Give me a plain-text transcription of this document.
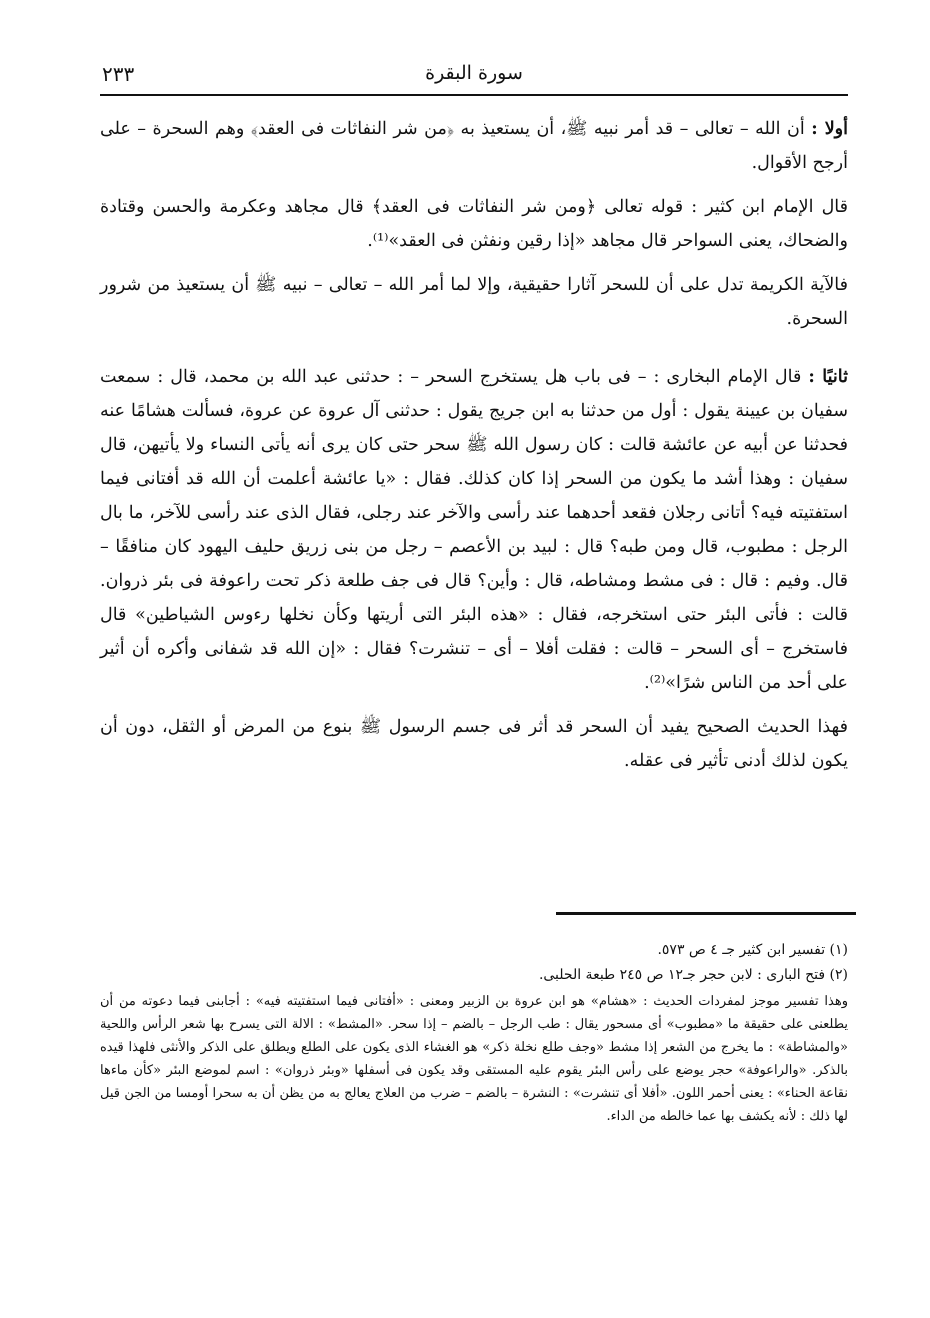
سورة البقرة
٢٣٣

أولا : أن الله – تعالى – قد أمر نبيه ﷺ، أن يستعيذ به ﴿من شر النفاثات فى العقد﴾ وهم السحرة – على أرجح الأقوال.

قال الإمام ابن كثير : قوله تعالى ﴿ومن شر النفاثات فى العقد﴾ قال مجاهد وعكرمة والحسن وقتادة والضحاك، يعنى السواحر قال مجاهد «إذا رقين ونفثن فى العقد»⁽¹⁾.

فالآية الكريمة تدل على أن للسحر آثارا حقيقية، وإلا لما أمر الله – تعالى – نبيه ﷺ أن يستعيذ من شرور السحرة.

ثانيًا : قال الإمام البخارى : – فى باب هل يستخرج السحر – : حدثنى عبد الله بن محمد، قال : سمعت سفيان بن عيينة يقول : أول من حدثنا به ابن جريج يقول : حدثنى آل عروة عن عروة، فسألت هشامًا عنه فحدثنا عن أبيه عن عائشة قالت : كان رسول الله ﷺ سحر حتى كان يرى أنه يأتى النساء ولا يأتيهن، قال سفيان : وهذا أشد ما يكون من السحر إذا كان كذلك. فقال : «يا عائشة أعلمت أن الله قد أفتانى فيما استفتيته فيه؟ أتانى رجلان فقعد أحدهما عند رأسى والآخر عند رجلى، فقال الذى عند رأسى للآخر، ما بال الرجل : مطبوب، قال ومن طبه؟ قال : لبيد بن الأعصم – رجل من بنى زريق حليف اليهود كان منافقًا – قال. وفيم : قال : فى مشط ومشاطه، قال : وأين؟ قال فى جف طلعة ذكر تحت راعوفة فى بئر ذروان. قالت : فأتى البئر حتى استخرجه، فقال : «هذه البئر التى أريتها وكأن نخلها رءوس الشياطين» قال فاستخرج – أى السحر – قالت : فقلت أفلا – أى – تنشرت؟ فقال : «إن الله قد شفانى وأكره أن أثير على أحد من الناس شرًا»⁽²⁾.

فهذا الحديث الصحيح يفيد أن السحر قد أثر فى جسم الرسول ﷺ بنوع من المرض أو الثقل، دون أن يكون لذلك أدنى تأثير فى عقله.

(١) تفسير ابن كثير جـ ٤ ص ٥٧٣.

(٢) فتح البارى : لابن حجر جـ١٢ ص ٢٤٥ طبعة الحلبى.

وهذا تفسير موجز لمفردات الحديث : «هشام» هو ابن عروة بن الزبير ومعنى : «أفتانى فيما استفتيته فيه» : أجابنى فيما دعوته من أن يطلعنى على حقيقة ما «مطبوب» أى مسحور يقال : طب الرجل – بالضم – إذا سحر. «المشط» : الالة التى يسرح بها شعر الرأس واللحية «والمشاطة» : ما يخرج من الشعر إذا مشط «وجف طلع نخلة ذكر» هو الغشاء الذى يكون على الطلع ويطلق على الذكر والأنثى فلهذا قيده بالذكر. «والراعوفة» حجر يوضع على رأس البئر يقوم عليه المستقى وقد يكون فى أسفلها «وبئر ذروان» : اسم لموضع البئر «كأن ماءها نقاعة الحناء» : يعنى أحمر اللون. «أفلا أى تنشرت» : النشرة – بالضم – ضرب من العلاج يعالج به من يظن أن به سحرا أومسا من الجن قيل لها ذلك : لأنه يكشف بها عما خالطه من الداء.
